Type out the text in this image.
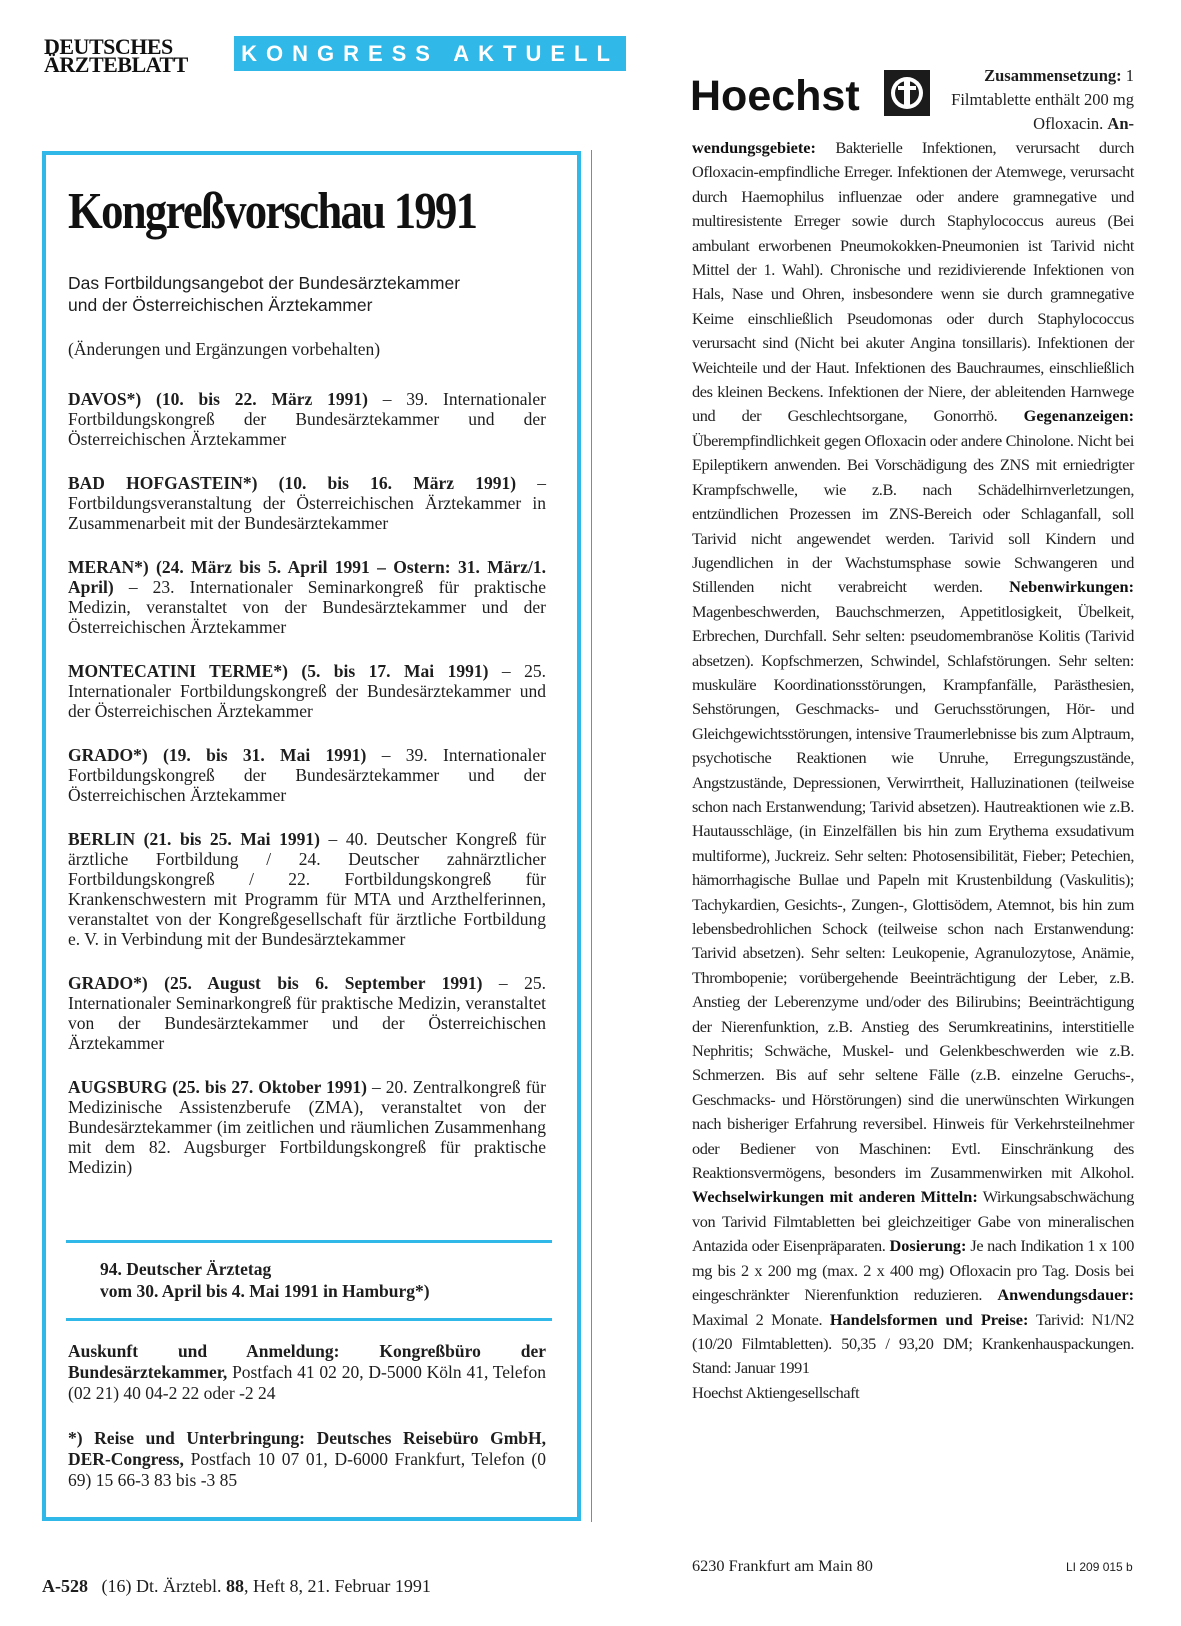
DEUTSCHES
ÄRZTEBLATT	KONGRESS AKTUELL
Kongreßvorschau 1991
Das Fortbildungsangebot der Bundesärztekammer
und der Österreichischen Ärztekammer
(Änderungen und Ergänzungen vorbehalten)

DAVOS*) (10. bis 22. März 1991) – 39. Internationaler Fortbildungskongreß der Bundesärztekammer und der Österreichischen Ärztekammer

BAD HOFGASTEIN*) (10. bis 16. März 1991) – Fortbildungsveranstaltung der Österreichischen Ärztekammer in Zusammenarbeit mit der Bundesärztekammer

MERAN*) (24. März bis 5. April 1991 – Ostern: 31. März/1. April) – 23. Internationaler Seminarkongreß für praktische Medizin, veranstaltet von der Bundesärztekammer und der Österreichischen Ärztekammer

MONTECATINI TERME*) (5. bis 17. Mai 1991) – 25. Internationaler Fortbildungskongreß der Bundesärztekammer und der Österreichischen Ärztekammer

GRADO*) (19. bis 31. Mai 1991) – 39. Internationaler Fortbildungskongreß der Bundesärztekammer und der Österreichischen Ärztekammer

BERLIN (21. bis 25. Mai 1991) – 40. Deutscher Kongreß für ärztliche Fortbildung / 24. Deutscher zahnärztlicher Fortbildungskongreß / 22. Fortbildungskongreß für Krankenschwestern mit Programm für MTA und Arzthelferinnen, veranstaltet von der Kongreßgesellschaft für ärztliche Fortbildung e. V. in Verbindung mit der Bundesärztekammer

GRADO*) (25. August bis 6. September 1991) – 25. Internationaler Seminarkongreß für praktische Medizin, veranstaltet von der Bundesärztekammer und der Österreichischen Ärztekammer

AUGSBURG (25. bis 27. Oktober 1991) – 20. Zentralkongreß für Medizinische Assistenzberufe (ZMA), veranstaltet von der Bundesärztekammer (im zeitlichen und räumlichen Zusammenhang mit dem 82. Augsburger Fortbildungskongreß für praktische Medizin)

94. Deutscher Ärztetag
vom 30. April bis 4. Mai 1991 in Hamburg*)
Auskunft und Anmeldung: Kongreßbüro der Bundesärztekammer, Postfach 41 02 20, D-5000 Köln 41, Telefon (02 21) 40 04-2 22 oder -2 24
*) Reise und Unterbringung: Deutsches Reisebüro GmbH, DER-Congress, Postfach 10 07 01, D-6000 Frankfurt, Telefon (0 69) 15 66-3 83 bis -3 85
A-528 (16) Dt. Ärztebl. 88, Heft 8, 21. Februar 1991
Hoechst	Zusammensetzung: 1 Filmtablette enthält 200 mg Ofloxacin. An-
wendungsgebiete: Bakterielle Infektionen, verursacht durch Ofloxacin-empfindliche Erreger. Infektionen der Atemwege, verursacht durch Haemophilus influenzae oder andere gramnegative und multiresistente Erreger sowie durch Staphylococcus aureus (Bei ambulant erworbenen Pneumokokken-Pneumonien ist Tarivid nicht Mittel der 1. Wahl). Chronische und rezidivierende Infektionen von Hals, Nase und Ohren, insbesondere wenn sie durch gramnegative Keime einschließlich Pseudomonas oder durch Staphylococcus verursacht sind (Nicht bei akuter Angina tonsillaris). Infektionen der Weichteile und der Haut. Infektionen des Bauchraumes, einschließlich des kleinen Beckens. Infektionen der Niere, der ableitenden Harnwege und der Geschlechtsorgane, Gonorrhö. Gegenanzeigen: Überempfindlichkeit gegen Ofloxacin oder andere Chinolone. Nicht bei Epileptikern anwenden. Bei Vorschädigung des ZNS mit erniedrigter Krampfschwelle, wie z.B. nach Schädelhirnverletzungen, entzündlichen Prozessen im ZNS-Bereich oder Schlaganfall, soll Tarivid nicht angewendet werden. Tarivid soll Kindern und Jugendlichen in der Wachstumsphase sowie Schwangeren und Stillenden nicht verabreicht werden. Nebenwirkungen: Magenbeschwerden, Bauchschmerzen, Appetitlosigkeit, Übelkeit, Erbrechen, Durchfall. Sehr selten: pseudomembranöse Kolitis (Tarivid absetzen). Kopfschmerzen, Schwindel, Schlafstörungen. Sehr selten: muskuläre Koordinationsstörungen, Krampfanfälle, Parästhesien, Sehstörungen, Geschmacks- und Geruchsstörungen, Hör- und Gleichgewichtsstörungen, intensive Traumerlebnisse bis zum Alptraum, psychotische Reaktionen wie Unruhe, Erregungszustände, Angstzustände, Depressionen, Verwirrtheit, Halluzinationen (teilweise schon nach Erstanwendung; Tarivid absetzen). Hautreaktionen wie z.B. Hautausschläge, (in Einzelfällen bis hin zum Erythema exsudativum multiforme), Juckreiz. Sehr selten: Photosensibilität, Fieber; Petechien, hämorrhagische Bullae und Papeln mit Krustenbildung (Vaskulitis); Tachykardien, Gesichts-, Zungen-, Glottisödem, Atemnot, bis hin zum lebensbedrohlichen Schock (teilweise schon nach Erstanwendung: Tarivid absetzen). Sehr selten: Leukopenie, Agranulozytose, Anämie, Thrombopenie; vorübergehende Beeinträchtigung der Leber, z.B. Anstieg der Leberenzyme und/oder des Bilirubins; Beeinträchtigung der Nierenfunktion, z.B. Anstieg des Serumkreatinins, interstitielle Nephritis; Schwäche, Muskel- und Gelenkbeschwerden wie z.B. Schmerzen. Bis auf sehr seltene Fälle (z.B. einzelne Geruchs-, Geschmacks- und Hörstörungen) sind die unerwünschten Wirkungen nach bisheriger Erfahrung reversibel. Hinweis für Verkehrsteilnehmer oder Bediener von Maschinen: Evtl. Einschränkung des Reaktionsvermögens, besonders im Zusammenwirken mit Alkohol. Wechselwirkungen mit anderen Mitteln: Wirkungsabschwächung von Tarivid Filmtabletten bei gleichzeitiger Gabe von mineralischen Antazida oder Eisenpräparaten. Dosierung: Je nach Indikation 1 x 100 mg bis 2 x 200 mg (max. 2 x 400 mg) Ofloxacin pro Tag. Dosis bei eingeschränkter Nierenfunktion reduzieren. Anwendungsdauer: Maximal 2 Monate. Handelsformen und Preise: Tarivid: N1/N2 (10/20 Filmtabletten). 50,35 / 93,20 DM; Krankenhauspackungen. Stand: Januar 1991
Hoechst Aktiengesellschaft
6230 Frankfurt am Main 80	LI 209 015 b
